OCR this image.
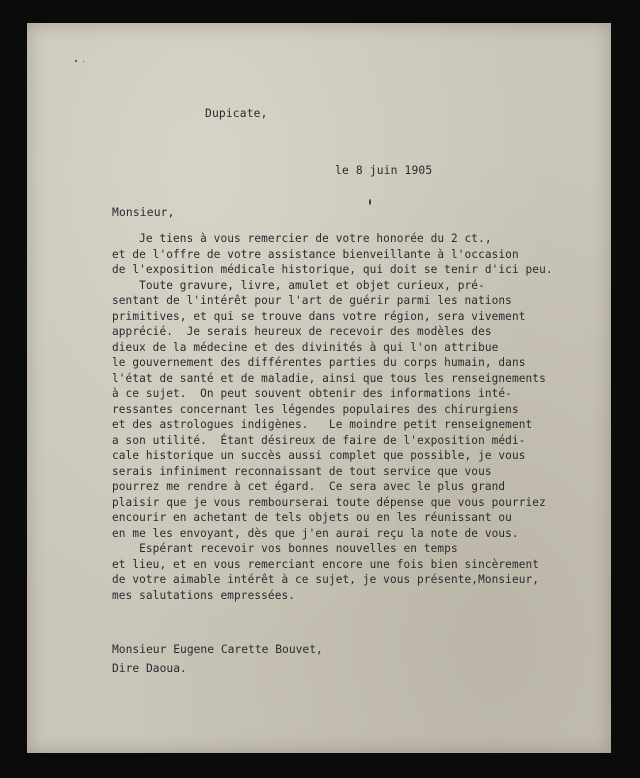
Dupicate,
le 8 juin 1905
Monsieur,
Je tiens à vous remercier de votre honorée du 2 ct.,
et de l'offre de votre assistance bienveillante à l'occasion
de l'exposition médicale historique, qui doit se tenir d'ici peu.
Toute gravure, livre, amulet et objet curieux, pré-
sentant de l'intérêt pour l'art de guérir parmi les nations
primitives, et qui se trouve dans votre région, sera vivement
apprécié.  Je serais heureux de recevoir des modèles des
dieux de la médecine et des divinités à qui l'on attribue
le gouvernement des différentes parties du corps humain, dans
l'état de santé et de maladie, ainsi que tous les renseignements
à ce sujet.  On peut souvent obtenir des informations inté-
ressantes concernant les légendes populaires des chirurgiens
et des astrologues indigènes.   Le moindre petit renseignement
a son utilité.  Étant désireux de faire de l'exposition médi-
cale historique un succès aussi complet que possible, je vous
serais infiniment reconnaissant de tout service que vous
pourrez me rendre à cet égard.  Ce sera avec le plus grand
plaisir que je vous rembourserai toute dépense que vous pourriez
encourir en achetant de tels objets ou en les réunissant ou
en me les envoyant, dès que j'en aurai reçu la note de vous.
Espérant recevoir vos bonnes nouvelles en temps
et lieu, et en vous remerciant encore une fois bien sincèrement
de votre aimable intérêt à ce sujet, je vous présente,Monsieur,
mes salutations empressées.
Monsieur Eugene Carette Bouvet,
Dire Daoua.
